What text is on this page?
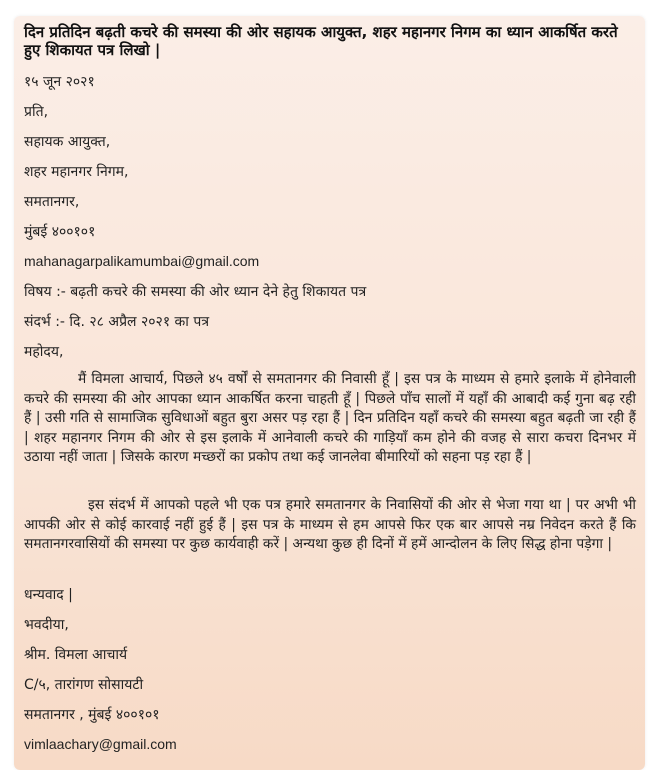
दिन प्रतिदिन बढ़ती कचरे की समस्या की ओर सहायक आयुक्त, शहर महानगर निगम का ध्यान आकर्षित करते हुए शिकायत पत्र लिखो |
१५ जून २०२१
प्रति,
सहायक आयुक्त,
शहर महानगर निगम,
समतानगर,
मुंबई ४००१०१
mahanagarpalikamumbai@gmail.com
विषय :- बढ़ती कचरे की समस्या की ओर ध्यान देने हेतु शिकायत पत्र
संदर्भ :- दि. २८ अप्रैल २०२१ का पत्र
महोदय,
मैं विमला आचार्य, पिछले ४५ वर्षों से समतानगर की निवासी हूँ | इस पत्र के माध्यम से हमारे इलाके में होनेवाली कचरे की समस्या की ओर आपका ध्यान आकर्षित करना चाहती हूँ | पिछले पाँच सालों में यहाँ की आबादी कई गुना बढ़ रही हैं | उसी गति से सामाजिक सुविधाओं बहुत बुरा असर पड़ रहा हैं | दिन प्रतिदिन यहाँ कचरे की समस्या बहुत बढ़ती जा रही हैं | शहर महानगर निगम की ओर से इस इलाके में आनेवाली कचरे की गाड़ियाँ कम होने की वजह से सारा कचरा दिनभर में उठाया नहीं जाता | जिसके कारण मच्छरों का प्रकोप तथा कई जानलेवा बीमारियों को सहना पड़ रहा हैं |
इस संदर्भ में आपको पहले भी एक पत्र हमारे समतानगर के निवासियों की ओर से भेजा गया था | पर अभी भी आपकी ओर से कोई कारवाई नहीं हुई हैं | इस पत्र के माध्यम से हम आपसे फिर एक बार आपसे नम्र निवेदन करते हैं कि समतानगरवासियों की समस्या पर कुछ कार्यवाही करें | अन्यथा कुछ ही दिनों में हमें आन्दोलन के लिए सिद्ध होना पड़ेगा |
धन्यवाद |
भवदीया,
श्रीम. विमला आचार्य
C/५, तारांगण सोसायटी
समतानगर , मुंबई ४००१०१
vimlaachary@gmail.com
